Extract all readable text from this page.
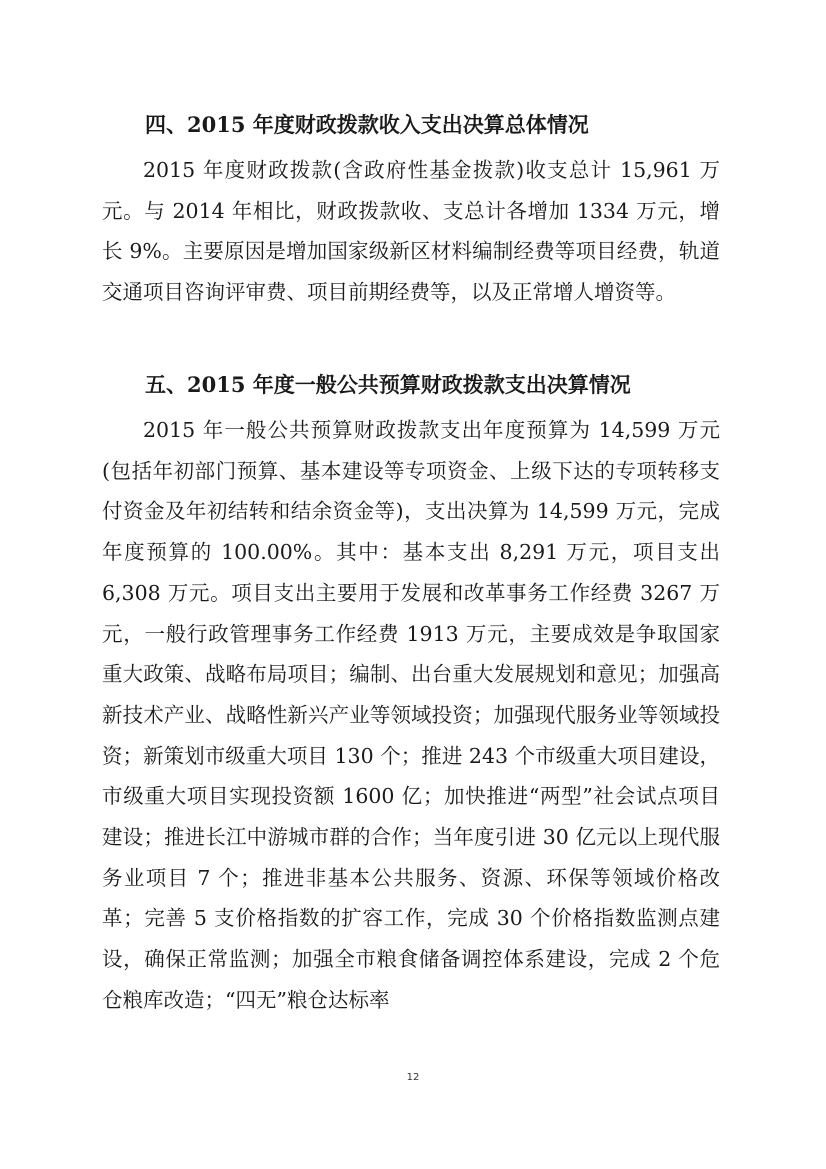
四、2015 年度财政拨款收入支出决算总体情况

2015 年度财政拨款(含政府性基金拨款)收支总计 15,961 万元。与 2014 年相比，财政拨款收、支总计各增加 1334 万元，增长 9%。主要原因是增加国家级新区材料编制经费等项目经费，轨道交通项目咨询评审费、项目前期经费等，以及正常增人增资等。

五、2015 年度一般公共预算财政拨款支出决算情况

2015 年一般公共预算财政拨款支出年度预算为 14,599 万元(包括年初部门预算、基本建设等专项资金、上级下达的专项转移支付资金及年初结转和结余资金等)，支出决算为 14,599 万元，完成年度预算的 100.00%。其中：基本支出 8,291 万元，项目支出 6,308 万元。项目支出主要用于发展和改革事务工作经费 3267 万元，一般行政管理事务工作经费 1913 万元，主要成效是争取国家重大政策、战略布局项目；编制、出台重大发展规划和意见；加强高新技术产业、战略性新兴产业等领域投资；加强现代服务业等领域投资；新策划市级重大项目 130 个；推进 243 个市级重大项目建设，市级重大项目实现投资额 1600 亿；加快推进“两型”社会试点项目建设；推进长江中游城市群的合作；当年度引进 30 亿元以上现代服务业项目 7 个；推进非基本公共服务、资源、环保等领域价格改革；完善 5 支价格指数的扩容工作，完成 30 个价格指数监测点建设，确保正常监测；加强全市粮食储备调控体系建设，完成 2 个危仓粮库改造；“四无”粮仓达标率

12
